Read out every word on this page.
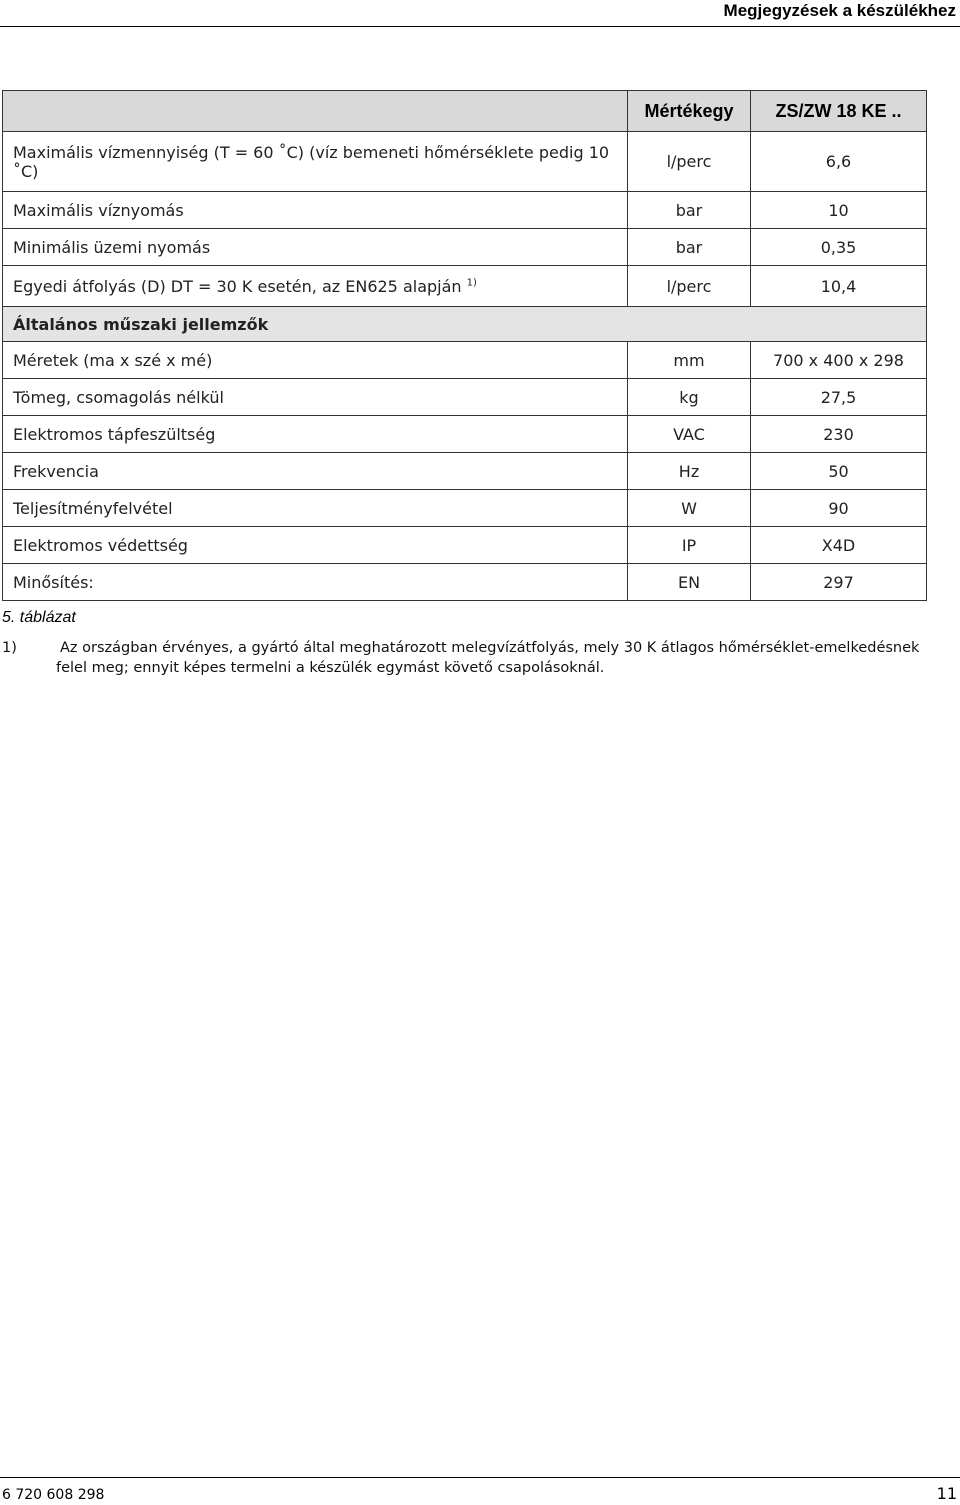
Megjegyzések a készülékhez
	Mértékegy	ZS/ZW 18 KE ..
Maximális vízmennyiség (T = 60 ˚C) (víz bemeneti hőmérséklete pedig 10 ˚C)	l/perc	6,6
Maximális víznyomás	bar	10
Minimális üzemi nyomás	bar	0,35
Egyedi átfolyás (D) DT = 30 K esetén, az EN625 alapján $^{1)}$	l/perc	10,4
Általános műszaki jellemzők		
Méretek (ma x szé x mé)	mm	700 x 400 x 298
Tömeg, csomagolás nélkül	kg	27,5
Elektromos tápfeszültség	VAC	230
Frekvencia	Hz	50
Teljesítményfelvétel	W	90
Elektromos védettség	IP	X4D
Minősítés:	EN	297
5. táblázat
1)	Az országban érvényes, a gyártó által meghatározott melegvízátfolyás, mely 30 K átlagos hőmérséklet-emelkedésnek
felel meg; ennyit képes termelni a készülék egymást követő csapolásoknál.
6 720 608 298	11
